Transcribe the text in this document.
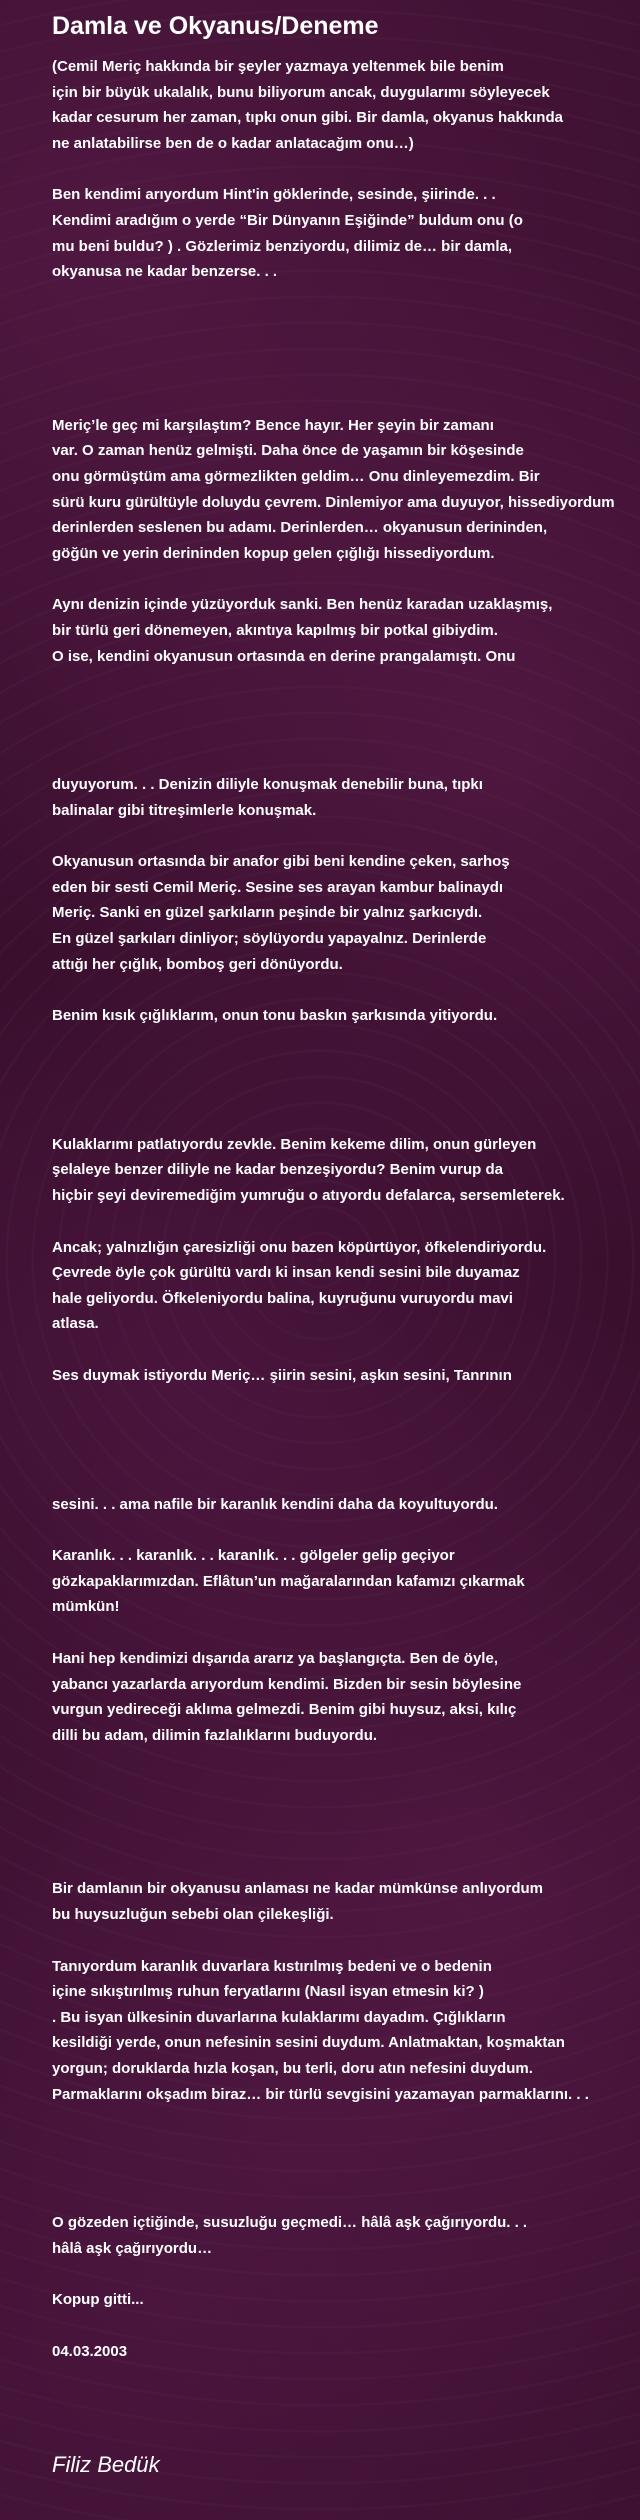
Damla ve Okyanus/Deneme

(Cemil Meriç hakkında bir şeyler yazmaya yeltenmek bile benim
için bir büyük ukalalık, bunu biliyorum ancak, duygularımı söyleyecek
kadar cesurum her zaman, tıpkı onun gibi. Bir damla, okyanus hakkında
ne anlatabilirse ben de o kadar anlatacağım onu…)

Ben kendimi arıyordum Hint'in göklerinde, sesinde, şiirinde. . .
Kendimi aradığım o yerde “Bir Dünyanın Eşiğinde” buldum onu (o
mu beni buldu? ) . Gözlerimiz benziyordu, dilimiz de… bir damla,
okyanusa ne kadar benzerse. . .

Meriç’le geç mi karşılaştım? Bence hayır. Her şeyin bir zamanı
var. O zaman henüz gelmişti. Daha önce de yaşamın bir köşesinde
onu görmüştüm ama görmezlikten geldim… Onu dinleyemezdim. Bir
sürü kuru gürültüyle doluydu çevrem. Dinlemiyor ama duyuyor, hissediyordum
derinlerden seslenen bu adamı. Derinlerden… okyanusun derininden,
göğün ve yerin derininden kopup gelen çığlığı hissediyordum.

Aynı denizin içinde yüzüyorduk sanki. Ben henüz karadan uzaklaşmış,
bir türlü geri dönemeyen, akıntıya kapılmış bir potkal gibiydim.
O ise, kendini okyanusun ortasında en derine prangalamıştı. Onu

duyuyorum. . . Denizin diliyle konuşmak denebilir buna, tıpkı
balinalar gibi titreşimlerle konuşmak.

Okyanusun ortasında bir anafor gibi beni kendine çeken, sarhoş
eden bir sesti Cemil Meriç. Sesine ses arayan kambur balinaydı
Meriç. Sanki en güzel şarkıların peşinde bir yalnız şarkıcıydı.
En güzel şarkıları dinliyor; söylüyordu yapayalnız. Derinlerde
attığı her çığlık, bomboş geri dönüyordu.

Benim kısık çığlıklarım, onun tonu baskın şarkısında yitiyordu.

Kulaklarımı patlatıyordu zevkle. Benim kekeme dilim, onun gürleyen
şelaleye benzer diliyle ne kadar benzeşiyordu? Benim vurup da
hiçbir şeyi deviremediğim yumruğu o atıyordu defalarca, sersemleterek.

Ancak; yalnızlığın çaresizliği onu bazen köpürtüyor, öfkelendiriyordu.
Çevrede öyle çok gürültü vardı ki insan kendi sesini bile duyamaz
hale geliyordu. Öfkeleniyordu balina, kuyruğunu vuruyordu mavi
atlasa.

Ses duymak istiyordu Meriç… şiirin sesini, aşkın sesini, Tanrının

sesini. . . ama nafile bir karanlık kendini daha da koyultuyordu.

Karanlık. . . karanlık. . . karanlık. . . gölgeler gelip geçiyor
gözkapaklarımızdan. Eflâtun’un mağaralarından kafamızı çıkarmak
mümkün!

Hani hep kendimizi dışarıda ararız ya başlangıçta. Ben de öyle,
yabancı yazarlarda arıyordum kendimi. Bizden bir sesin böylesine
vurgun yedireceği aklıma gelmezdi. Benim gibi huysuz, aksi, kılıç
dilli bu adam, dilimin fazlalıklarını buduyordu.

Bir damlanın bir okyanusu anlaması ne kadar mümkünse anlıyordum
bu huysuzluğun sebebi olan çilekeşliği.

Tanıyordum karanlık duvarlara kıstırılmış bedeni ve o bedenin
içine sıkıştırılmış ruhun feryatlarını (Nasıl isyan etmesin ki? )
. Bu isyan ülkesinin duvarlarına kulaklarımı dayadım. Çığlıkların
kesildiği yerde, onun nefesinin sesini duydum. Anlatmaktan, koşmaktan
yorgun; doruklarda hızla koşan, bu terli, doru atın nefesini duydum.
Parmaklarını okşadım biraz… bir türlü sevgisini yazamayan parmaklarını. . .

O gözeden içtiğinde, susuzluğu geçmedi… hâlâ aşk çağırıyordu. . .
hâlâ aşk çağırıyordu…

Kopup gitti...

04.03.2003

Filiz Bedük
